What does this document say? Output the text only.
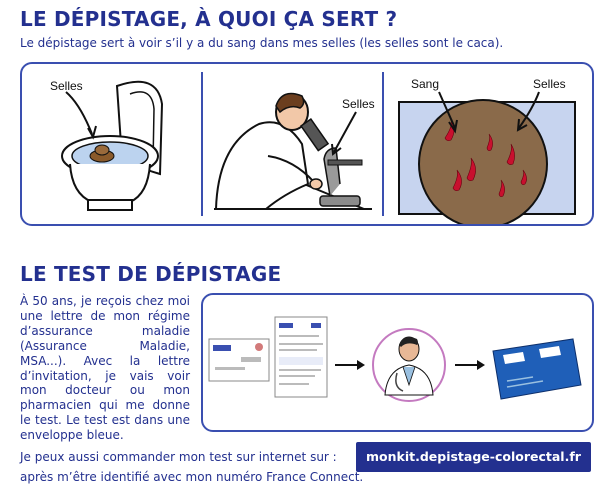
LE DÉPISTAGE, À QUOI ÇA SERT ?
Le dépistage sert à voir s’il y a du sang dans mes selles (les selles sont le caca).
Selles
Selles
Sang	Selles
LE TEST DE DÉPISTAGE
À 50 ans, je reçois chez moi une lettre de mon régime d’assurance maladie (Assurance Maladie, MSA...). Avec la lettre d’invitation, je vais voir mon docteur ou mon pharmacien qui me donne le test. Le test est dans une enveloppe bleue.
Je peux aussi commander mon test sur internet sur :	monkit.depistage-colorectal.fr
après m’être identifié avec mon numéro France Connect.
